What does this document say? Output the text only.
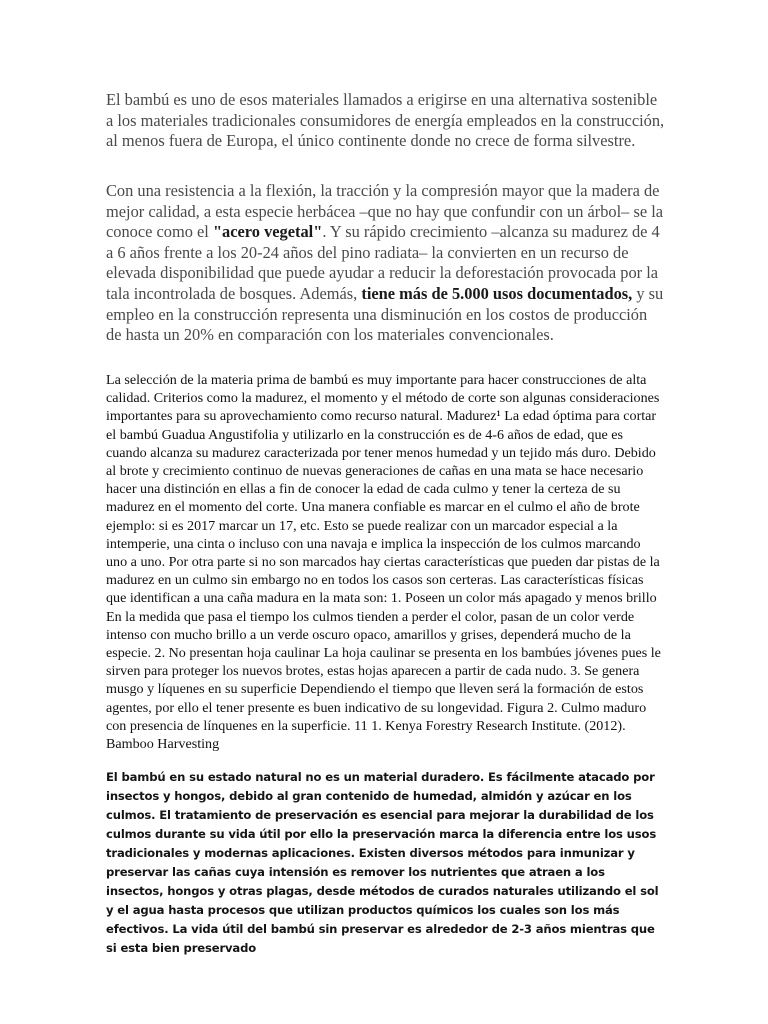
El bambú es uno de esos materiales llamados a erigirse en una alternativa sostenible a los materiales tradicionales consumidores de energía empleados en la construcción, al menos fuera de Europa, el único continente donde no crece de forma silvestre.

Con una resistencia a la flexión, la tracción y la compresión mayor que la madera de mejor calidad, a esta especie herbácea –que no hay que confundir con un árbol– se la conoce como el "acero vegetal". Y su rápido crecimiento –alcanza su madurez de 4 a 6 años frente a los 20-24 años del pino radiata– la convierten en un recurso de elevada disponibilidad que puede ayudar a reducir la deforestación provocada por la tala incontrolada de bosques. Además, tiene más de 5.000 usos documentados, y su empleo en la construcción representa una disminución en los costos de producción de hasta un 20% en comparación con los materiales convencionales.

La selección de la materia prima de bambú es muy importante para hacer construcciones de alta calidad. Criterios como la madurez, el momento y el método de corte son algunas consideraciones importantes para su aprovechamiento como recurso natural. Madurez¹ La edad óptima para cortar el bambú Guadua Angustifolia y utilizarlo en la construcción es de 4-6 años de edad, que es cuando alcanza su madurez caracterizada por tener menos humedad y un tejido más duro. Debido al brote y crecimiento continuo de nuevas generaciones de cañas en una mata se hace necesario hacer una distinción en ellas a fin de conocer la edad de cada culmo y tener la certeza de su madurez en el momento del corte. Una manera confiable es marcar en el culmo el año de brote ejemplo: si es 2017 marcar un 17, etc. Esto se puede realizar con un marcador especial a la intemperie, una cinta o incluso con una navaja e implica la inspección de los culmos marcando uno a uno. Por otra parte si no son marcados hay ciertas características que pueden dar pistas de la madurez en un culmo sin embargo no en todos los casos son certeras. Las características físicas que identifican a una caña madura en la mata son: 1. Poseen un color más apagado y menos brillo En la medida que pasa el tiempo los culmos tienden a perder el color, pasan de un color verde intenso con mucho brillo a un verde oscuro opaco, amarillos y grises, dependerá mucho de la especie. 2. No presentan hoja caulinar La hoja caulinar se presenta en los bambúes jóvenes pues le sirven para proteger los nuevos brotes, estas hojas aparecen a partir de cada nudo. 3. Se genera musgo y líquenes en su superficie Dependiendo el tiempo que lleven será la formación de estos agentes, por ello el tener presente es buen indicativo de su longevidad. Figura 2. Culmo maduro con presencia de línquenes en la superficie. 11 1. Kenya Forestry Research Institute. (2012). Bamboo Harvesting

El bambú en su estado natural no es un material duradero. Es fácilmente atacado por insectos y hongos, debido al gran contenido de humedad, almidón y azúcar en los culmos. El tratamiento de preservación es esencial para mejorar la durabilidad de los culmos durante su vida útil por ello la preservación marca la diferencia entre los usos tradicionales y modernas aplicaciones. Existen diversos métodos para inmunizar y preservar las cañas cuya intensión es remover los nutrientes que atraen a los insectos, hongos y otras plagas, desde métodos de curados naturales utilizando el sol y el agua hasta procesos que utilizan productos químicos los cuales son los más efectivos. La vida útil del bambú sin preservar es alrededor de 2-3 años mientras que si esta bien preservado
